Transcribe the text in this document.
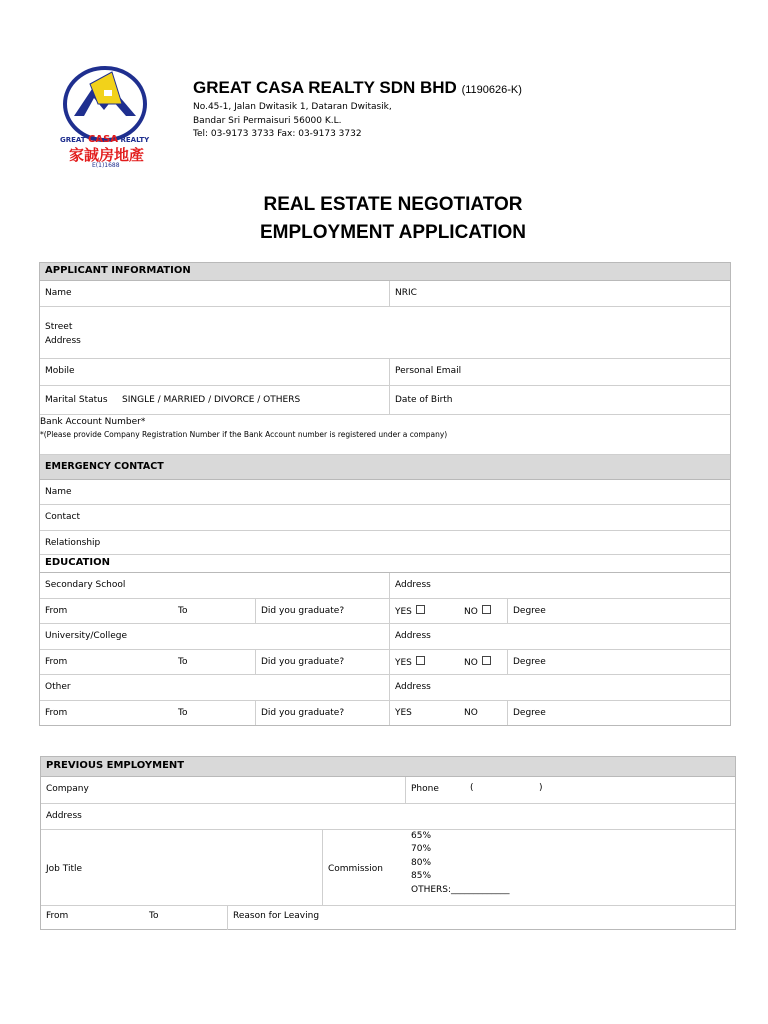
GREAT CASA REALTY
家誠房地產
E(1)1688
GREAT CASA REALTY SDN BHD (1190626-K)
No.45-1, Jalan Dwitasik 1, Dataran Dwitasik,
Bandar Sri Permaisuri 56000 K.L.
Tel: 03-9173 3733 Fax: 03-9173 3732
REAL ESTATE NEGOTIATOR
EMPLOYMENT APPLICATION
APPLICANT INFORMATION
Name	NRIC
Street
Address
Mobile	Personal Email
Marital Status SINGLE / MARRIED / DIVORCE / OTHERS	Date of Birth
Bank Account Number*
*(Please provide Company Registration Number if the Bank Account number is registered under a company)
EMERGENCY CONTACT
Name
Contact
Relationship
EDUCATION
Secondary School	Address
From	To	Did you graduate?	YES	NO	Degree
University/College	Address
From	To	Did you graduate?	YES	NO	Degree
Other	Address
From	To	Did you graduate?	YES	NO	Degree
PREVIOUS EMPLOYMENT
Company	Phone	(	)
Address
Job Title	Commission
65%
70%
80%
85%
OTHERS:_____________
From	To	Reason for Leaving
